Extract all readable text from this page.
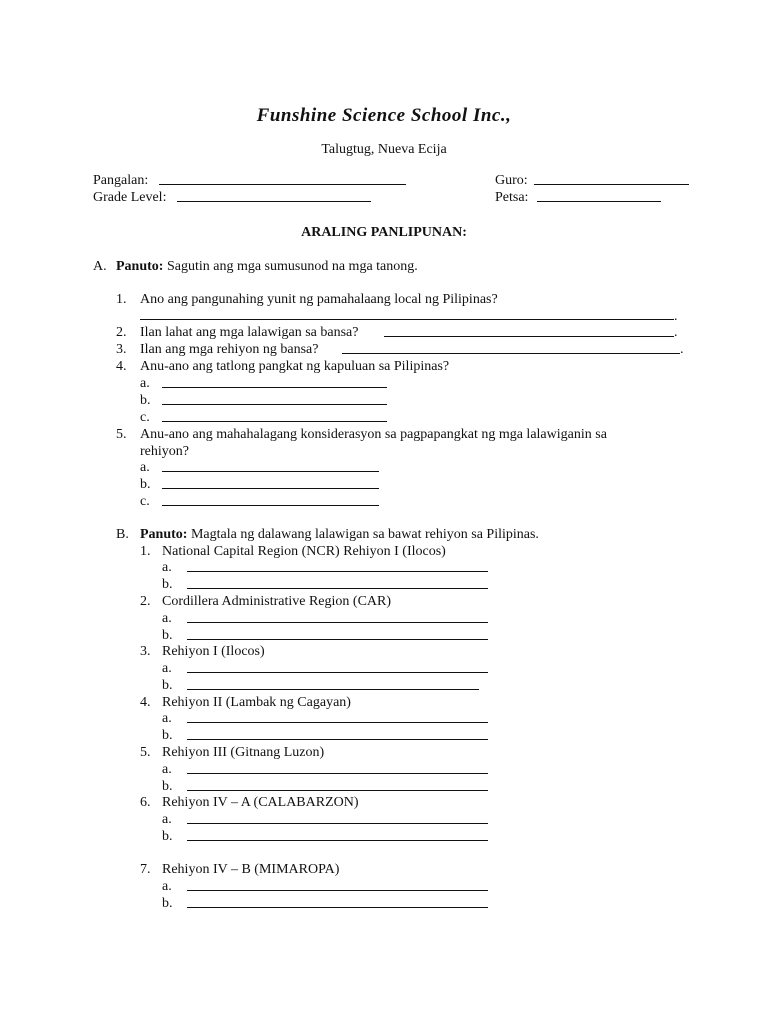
Funshine Science School Inc.,
Talugtug, Nueva Ecija
Pangalan:	Guro:
Grade Level:	Petsa:
ARALING PANLIPUNAN:
A. Panuto: Sagutin ang mga sumusunod na mga tanong.
1. Ano ang pangunahing yunit ng pamahalaang local ng Pilipinas?
.
2. Ilan lahat ang mga lalawigan sa bansa?	.
3. Ilan ang mga rehiyon ng bansa?	.
4. Anu-ano ang tatlong pangkat ng kapuluan sa Pilipinas?
a.
b.
c.
5. Anu-ano ang mahahalagang konsiderasyon sa pagpapangkat ng mga lalawiganin sa
rehiyon?
a.
b.
c.
B. Panuto: Magtala ng dalawang lalawigan sa bawat rehiyon sa Pilipinas.
1. National Capital Region (NCR) Rehiyon I (Ilocos)
a.
b.
2. Cordillera Administrative Region (CAR)
a.
b.
3. Rehiyon I (Ilocos)
a.
b.
4. Rehiyon II (Lambak ng Cagayan)
a.
b.
5. Rehiyon III (Gitnang Luzon)
a.
b.
6. Rehiyon IV – A (CALABARZON)
a.
b.
7. Rehiyon IV – B (MIMAROPA)
a.
b.
